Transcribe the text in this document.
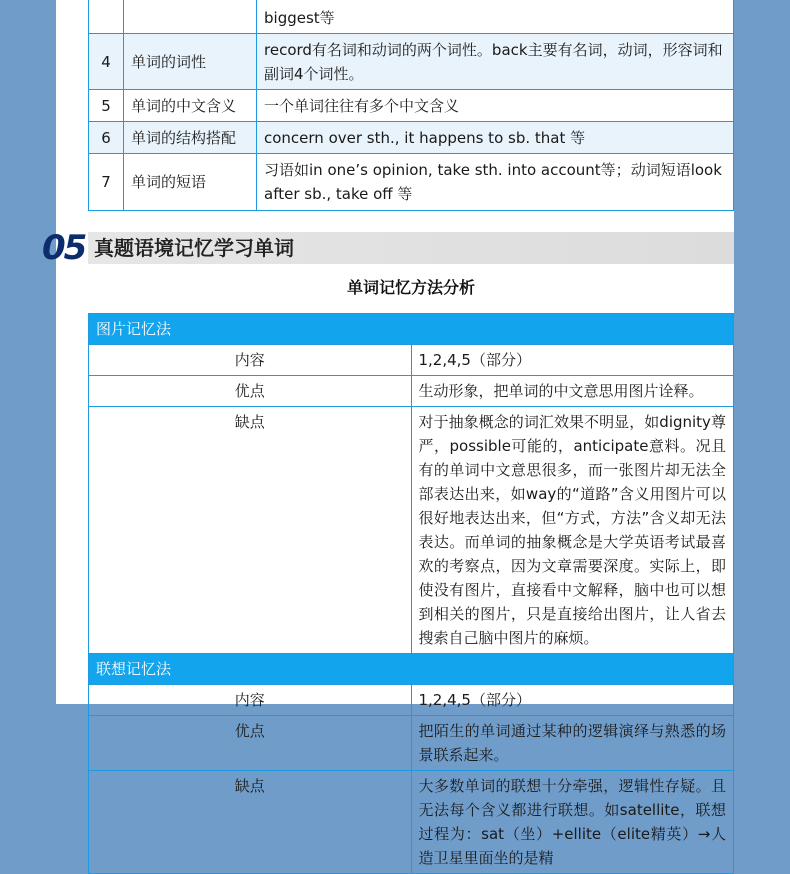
		biggest等
4	单词的词性	record有名词和动词的两个词性。back主要有名词，动词，形容词和副词4个词性。
5	单词的中文含义	一个单词往往有多个中文含义
6	单词的结构搭配	concern over sth., it happens to sb. that 等
7	单词的短语	习语如in one’s opinion, take sth. into account等；动词短语look after sb., take off 等
05 真题语境记忆学习单词
单词记忆方法分析
图片记忆法	
内容	1,2,4,5（部分）
优点	生动形象，把单词的中文意思用图片诠释。
缺点	对于抽象概念的词汇效果不明显，如dignity尊严，possible可能的，anticipate意料。况且有的单词中文意思很多，而一张图片却无法全部表达出来，如way的“道路”含义用图片可以很好地表达出来，但“方式，方法”含义却无法表达。而单词的抽象概念是大学英语考试最喜欢的考察点，因为文章需要深度。实际上，即使没有图片，直接看中文解释，脑中也可以想到相关的图片，只是直接给出图片，让人省去搜索自己脑中图片的麻烦。
联想记忆法	
内容	1,2,4,5（部分）
优点	把陌生的单词通过某种的逻辑演绎与熟悉的场景联系起来。
缺点	大多数单词的联想十分牵强，逻辑性存疑。且无法每个含义都进行联想。如satellite，联想过程为：sat（坐）+ellite（elite精英）→人造卫星里面坐的是精
